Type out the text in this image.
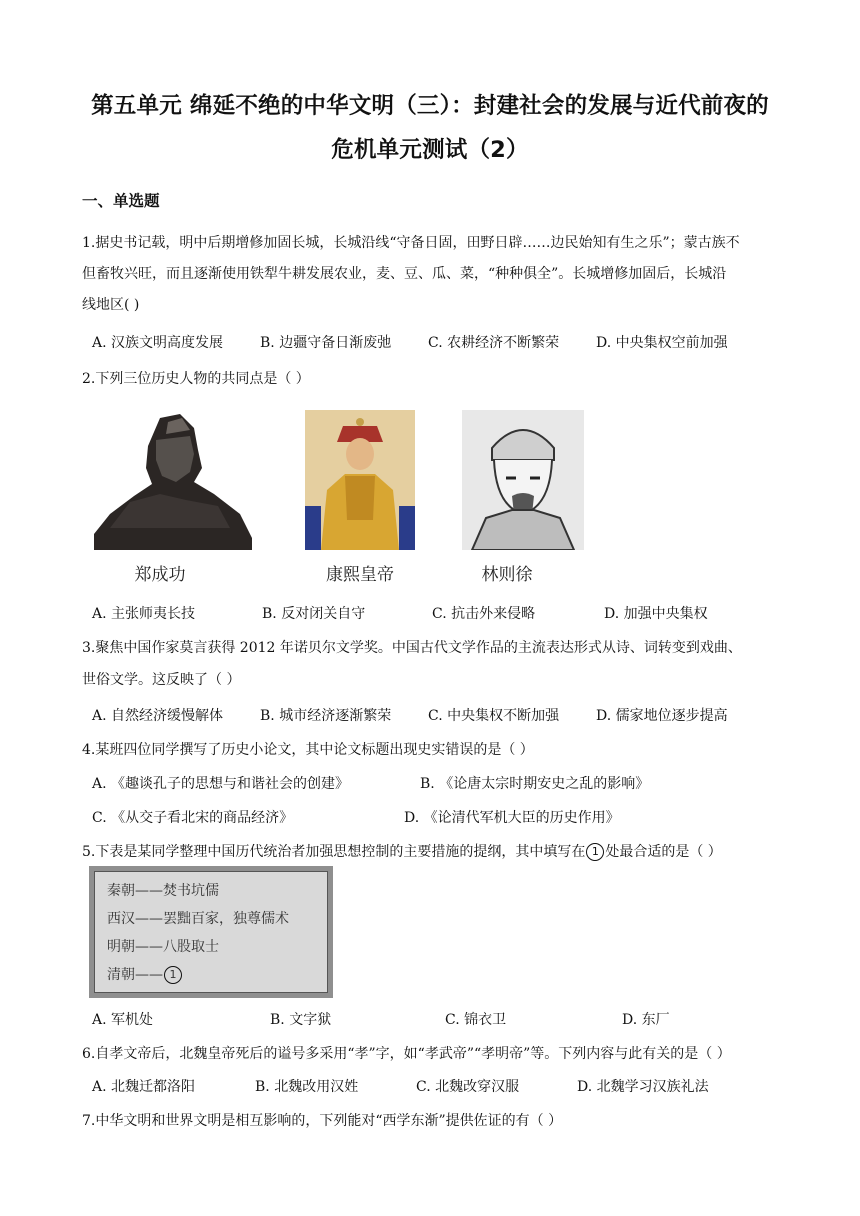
第五单元 绵延不绝的中华文明（三）：封建社会的发展与近代前夜的
危机单元测试（2）
一、单选题
1.据史书记载，明中后期增修加固长城，长城沿线“守备日固，田野日辟……边民始知有生之乐”；蒙古族不
但畜牧兴旺，而且逐渐使用铁犁牛耕发展农业，麦、豆、瓜、菜，“种种俱全”。长城增修加固后，长城沿
线地区( )
A. 汉族文明高度发展	B. 边疆守备日渐废弛	C. 农耕经济不断繁荣	D. 中央集权空前加强
2.下列三位历史人物的共同点是（ ）
郑成功	康熙皇帝	林则徐
A. 主张师夷长技	B. 反对闭关自守	C. 抗击外来侵略	D. 加强中央集权
3.聚焦中国作家莫言获得 2012 年诺贝尔文学奖。中国古代文学作品的主流表达形式从诗、词转变到戏曲、
世俗文学。这反映了（ ）
A. 自然经济缓慢解体	B. 城市经济逐渐繁荣	C. 中央集权不断加强	D. 儒家地位逐步提高
4.某班四位同学撰写了历史小论文，其中论文标题出现史实错误的是（ ）
A. 《趣谈孔子的思想与和谐社会的创建》	B. 《论唐太宗时期安史之乱的影响》
C. 《从交子看北宋的商品经济》	D. 《论清代军机大臣的历史作用》
5.下表是某同学整理中国历代统治者加强思想控制的主要措施的提纲，其中填写在 1 处最合适的是（ ）
秦朝——焚书坑儒
西汉——罢黜百家，独尊儒术
明朝——八股取士
清朝—— 1
A. 军机处	B. 文字狱	C. 锦衣卫	D. 东厂
6.自孝文帝后，北魏皇帝死后的谥号多采用“孝”字，如“孝武帝”“孝明帝”等。下列内容与此有关的是（ ）
A. 北魏迁都洛阳	B. 北魏改用汉姓	C. 北魏改穿汉服	D. 北魏学习汉族礼法
7.中华文明和世界文明是相互影响的，下列能对“西学东渐”提供佐证的有（ ）
